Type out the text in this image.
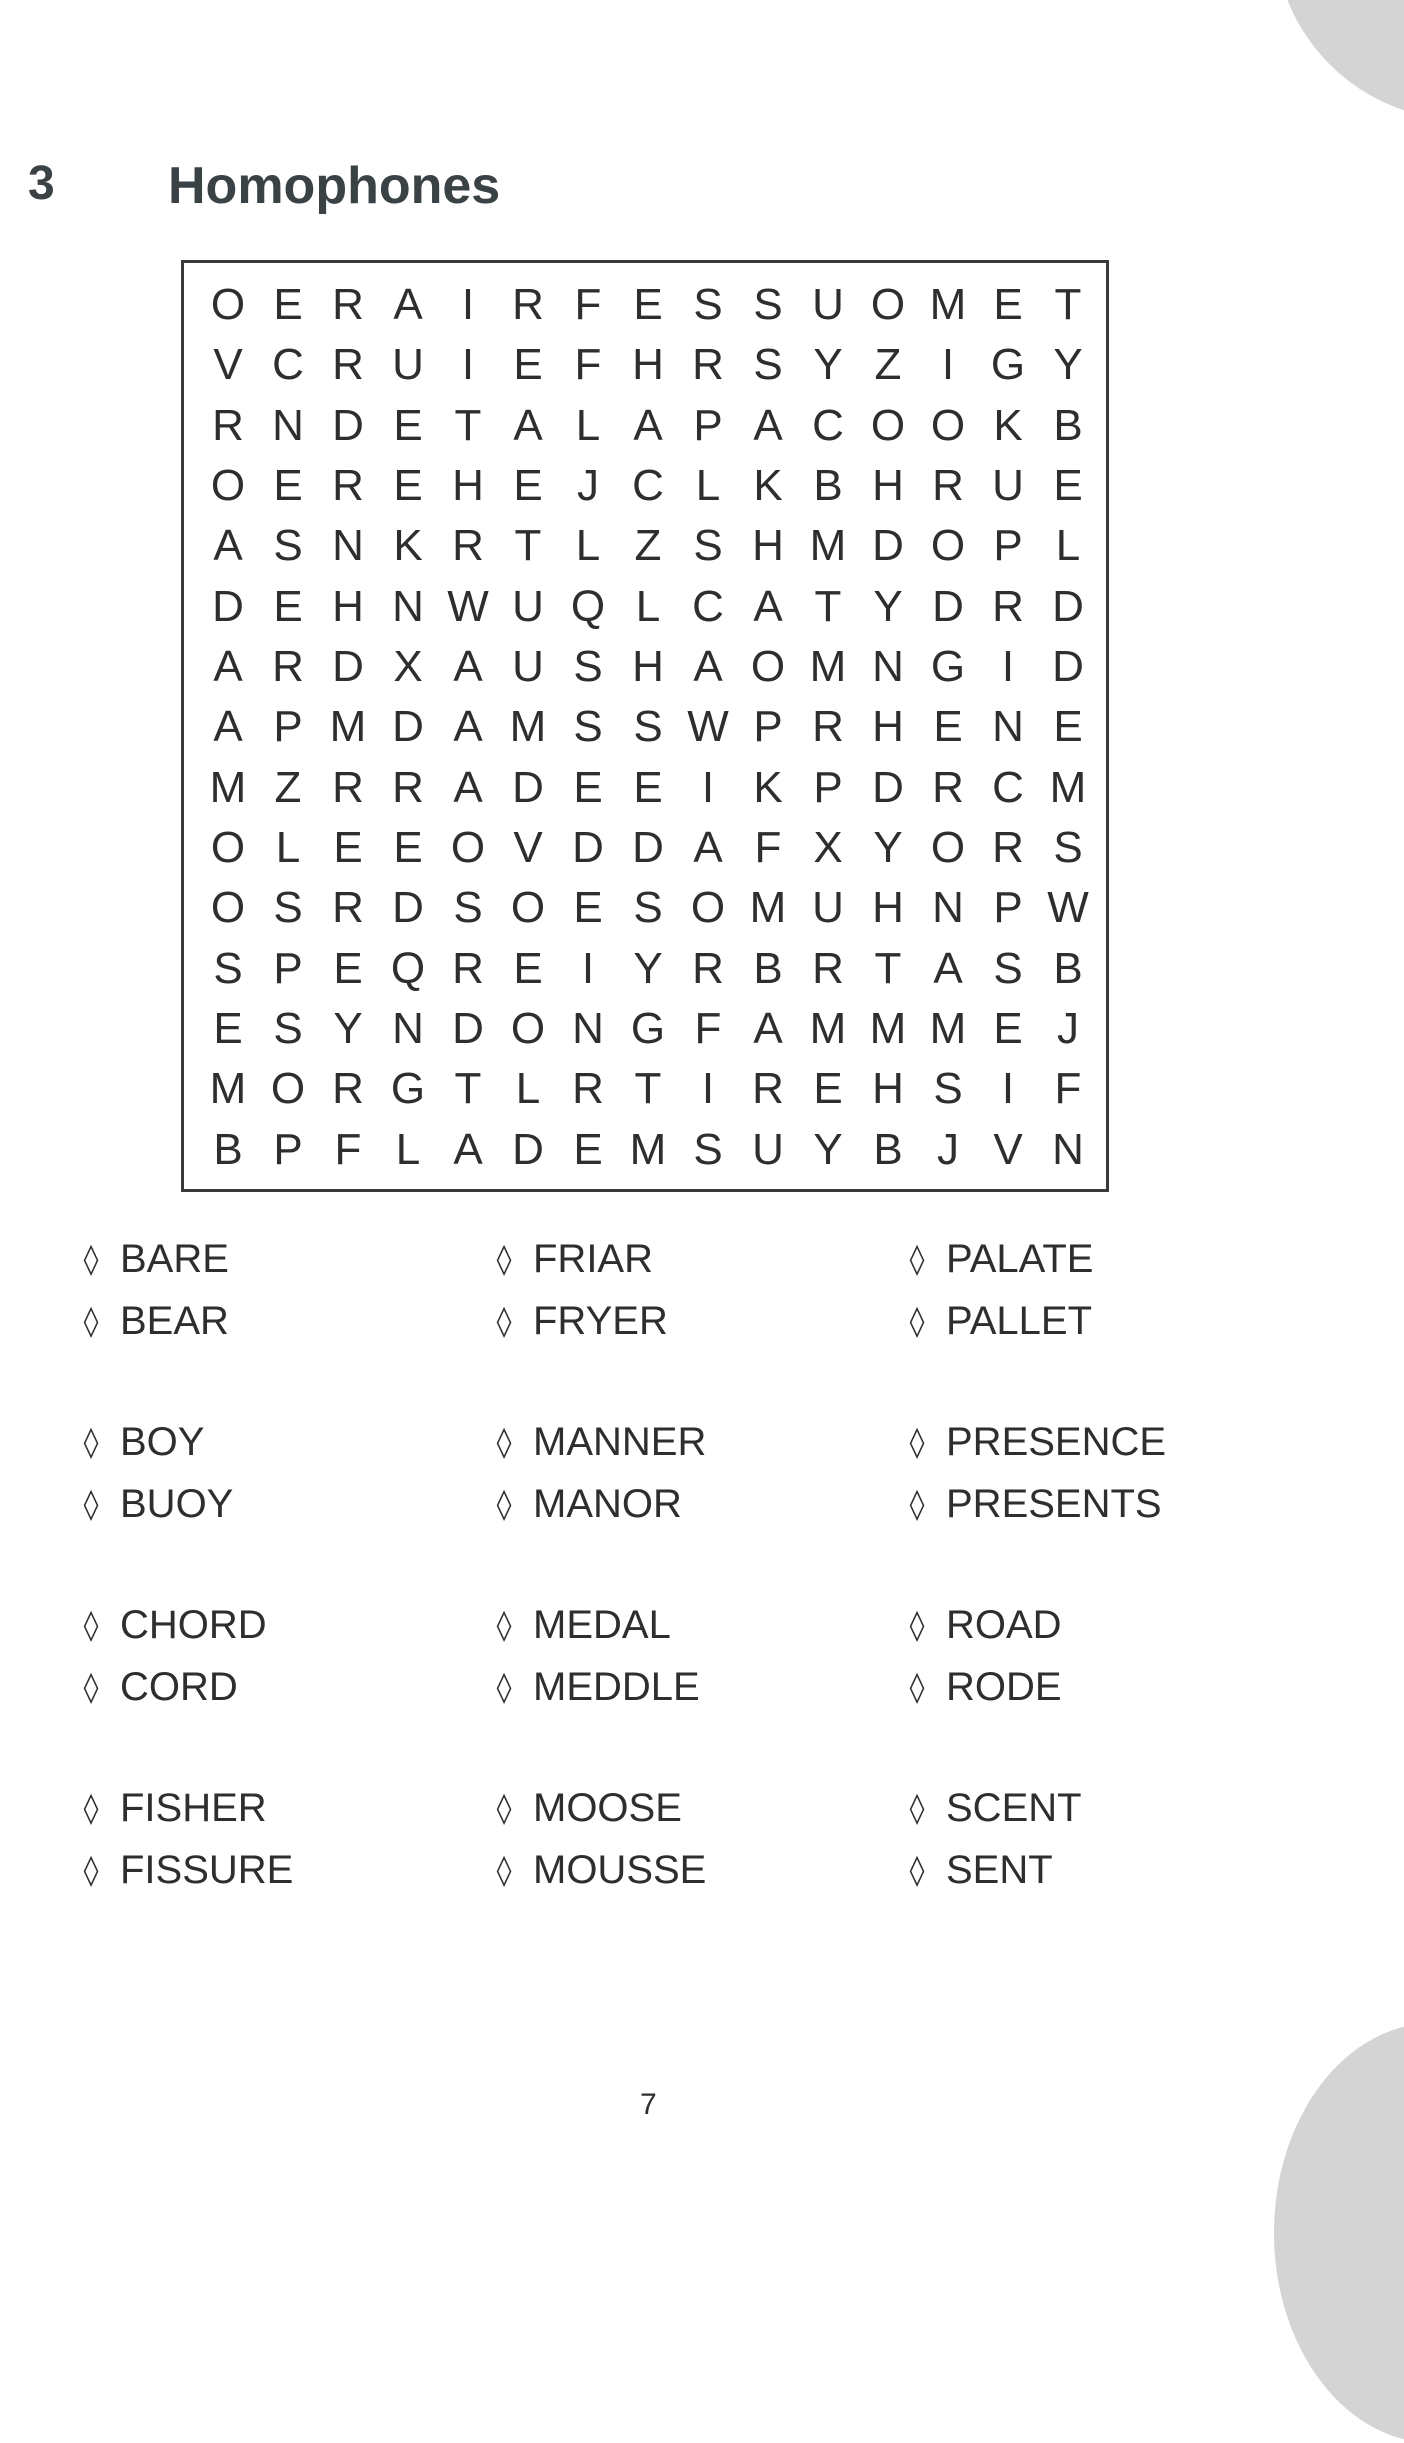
3 Homophones
O E R A I R F E S S U O M E T
V C R U I E F H R S Y Z I G Y
R N D E T A L A P A C O O K B
O E R E H E J C L K B H R U E
A S N K R T L Z S H M D O P L
D E H N W U Q L C A T Y D R D
A R D X A U S H A O M N G I D
A P M D A M S S W P R H E N E
M Z R R A D E E I K P D R C M
O L E E O V D D A F X Y O R S
O S R D S O E S O M U H N P W
S P E Q R E I Y R B R T A S B
E S Y N D O N G F A M M M E J
M O R G T L R T I R E H S I F
B P F L A D E M S U Y B J V N
◊ BARE
◊ BEAR
◊ FRIAR
◊ FRYER
◊ PALATE
◊ PALLET
◊ BOY
◊ BUOY
◊ MANNER
◊ MANOR
◊ PRESENCE
◊ PRESENTS
◊ CHORD
◊ CORD
◊ MEDAL
◊ MEDDLE
◊ ROAD
◊ RODE
◊ FISHER
◊ FISSURE
◊ MOOSE
◊ MOUSSE
◊ SCENT
◊ SENT
7
